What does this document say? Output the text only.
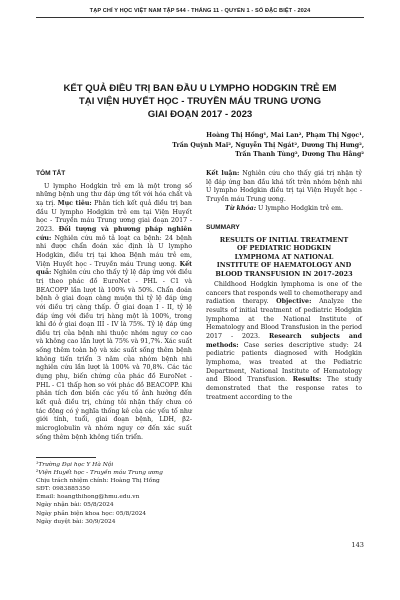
TẠP CHÍ Y HỌC VIỆT NAM TẬP 544 - THÁNG 11 - QUYỂN 1 - SỐ ĐẶC BIỆT - 2024
KẾT QUẢ ĐIỀU TRỊ BAN ĐẦU U LYMPHO HODGKIN TRẺ EM
TẠI VIỆN HUYẾT HỌC - TRUYỀN MÁU TRUNG ƯƠNG
GIAI ĐOẠN 2017 - 2023
Hoàng Thị Hồng¹, Mai Lan², Phạm Thị Ngọc¹,
Trần Quỳnh Mai², Nguyễn Thị Ngát², Dương Thị Hưng²,
Trần Thanh Tùng², Dương Thu Hằng²
TÓM TẮT

U lympho Hodgkin trẻ em là một trong số những bệnh ung thư đáp ứng tốt với hóa chất và xạ trị. Mục tiêu: Phân tích kết quả điều trị ban đầu U lympho Hodgkin trẻ em tại Viện Huyết học - Truyền máu Trung ương giai đoạn 2017 - 2023. Đối tượng và phương pháp nghiên cứu: Nghiên cứu mô tả loạt ca bệnh: 24 bệnh nhi được chẩn đoán xác định là U lympho Hodgkin, điều trị tại khoa Bệnh máu trẻ em, Viện Huyết học - Truyền máu Trung ương. Kết quả: Nghiên cứu cho thấy tỷ lệ đáp ứng với điều trị theo phác đồ EuroNet - PHL - C1 và BEACOPP lần lượt là 100% và 50%. Chẩn đoán bệnh ở giai đoạn càng muộn thì tỷ lệ đáp ứng với điều trị càng thấp. Ở giai đoạn I - II, tỷ lệ đáp ứng với điều trị hàng một là 100%, trong khi đó ở giai đoạn III - IV là 75%. Tỷ lệ đáp ứng điều trị của bệnh nhi thuộc nhóm nguy cơ cao và không cao lần lượt là 75% và 91,7%. Xác suất sống thêm toàn bộ và xác suất sống thêm bệnh không tiến triển 3 năm của nhóm bệnh nhi nghiên cứu lần lượt là 100% và 70,8%. Các tác dụng phụ, biến chứng của phác đồ EuroNet - PHL - C1 thấp hơn so với phác đồ BEACOPP. Khi phân tích đơn biến các yếu tố ảnh hưởng đến kết quả điều trị, chúng tôi nhận thấy chưa có tác động có ý nghĩa thống kê của các yếu tố như giới tính, tuổi, giai đoạn bệnh, LDH, β2-microglobulin và nhóm nguy cơ đến xác suất sống thêm bệnh không tiến triển.

¹Trường Đại học Y Hà Nội
²Viện Huyết học - Truyền máu Trung ương
Chịu trách nhiệm chính: Hoàng Thị Hồng
SĐT: 0983885350
Email: hoangthihong@hmu.edu.vn
Ngày nhận bài: 05/8/2024
Ngày phản biện khoa học: 05/8/2024
Ngày duyệt bài: 30/9/2024

Kết luận: Nghiên cứu cho thấy giá trị nhận tỷ lệ đáp ứng ban đầu khá tốt trên nhóm bệnh nhi U lympho Hodgkin điều trị tại Viện Huyết học - Truyền máu Trung ương.

Từ khóa: U lympho Hodgkin trẻ em.

SUMMARY
RESULTS OF INITIAL TREATMENT
OF PEDIATRIC HODGKIN
LYMPHOMA AT NATIONAL
INSTITUTE OF HAEMATOLOGY AND
BLOOD TRANSFUSION IN 2017-2023

Childhood Hodgkin lymphoma is one of the cancers that responds well to chemotherapy and radiation therapy. Objective: Analyze the results of initial treatment of pediatric Hodgkin lymphoma at the National Institute of Hematology and Blood Transfusion in the period 2017 - 2023. Research subjects and methods: Case series descriptive study: 24 pediatric patients diagnosed with Hodgkin lymphoma, was treated at the Pediatric Department, National Institute of Hematology and Blood Transfusion. Results: The study demonstrated that the response rates to treatment according to the

143
